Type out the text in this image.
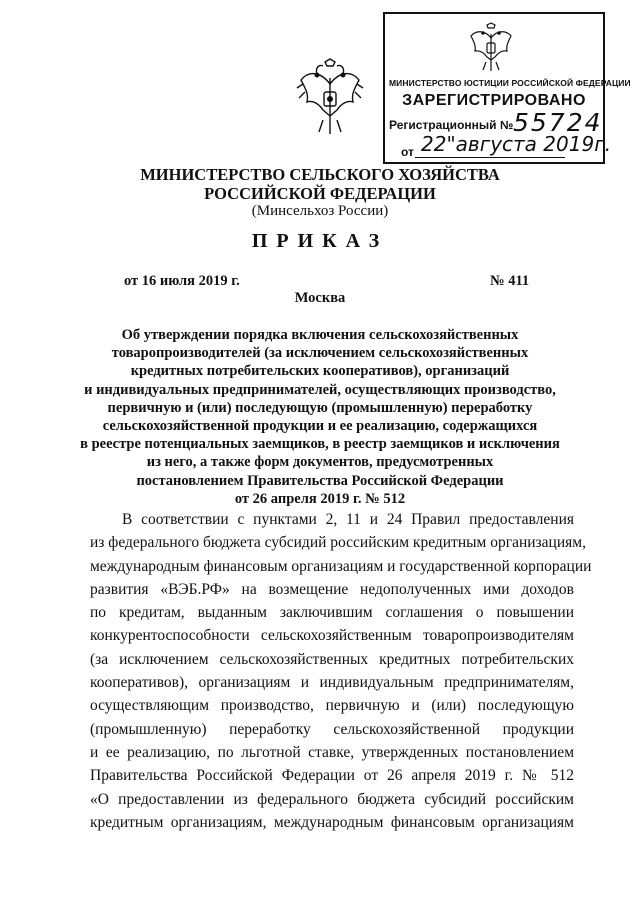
МИНИСТЕРСТВО ЮСТИЦИИ РОССИЙСКОЙ ФЕДЕРАЦИИ
ЗАРЕГИСТРИРОВАНО
Регистрационный № 55724
от 22"августа 2019г.
МИНИСТЕРСТВО СЕЛЬСКОГО ХОЗЯЙСТВА
РОССИЙСКОЙ ФЕДЕРАЦИИ
(Минсельхоз России)
ПРИКАЗ
от 16 июля 2019 г.	№ 411
Москва
Об утверждении порядка включения сельскохозяйственных
товаропроизводителей (за исключением сельскохозяйственных
кредитных потребительских кооперативов), организаций
и индивидуальных предпринимателей, осуществляющих производство,
первичную и (или) последующую (промышленную) переработку
сельскохозяйственной продукции и ее реализацию, содержащихся
в реестре потенциальных заемщиков, в реестр заемщиков и исключения
из него, а также форм документов, предусмотренных
постановлением Правительства Российской Федерации
от 26 апреля 2019 г. № 512
В соответствии с пунктами 2, 11 и 24 Правил предоставления
из федерального бюджета субсидий российским кредитным организациям,
международным финансовым организациям и государственной корпорации
развития «ВЭБ.РФ» на возмещение недополученных ими доходов
по кредитам, выданным заключившим соглашения о повышении
конкурентоспособности сельскохозяйственным товаропроизводителям
(за исключением сельскохозяйственных кредитных потребительских
кооперативов), организациям и индивидуальным предпринимателям,
осуществляющим производство, первичную и (или) последующую
(промышленную) переработку сельскохозяйственной продукции
и ее реализацию, по льготной ставке, утвержденных постановлением
Правительства Российской Федерации от 26 апреля 2019 г. № 512
«О предоставлении из федерального бюджета субсидий российским
кредитным организациям, международным финансовым организациям
